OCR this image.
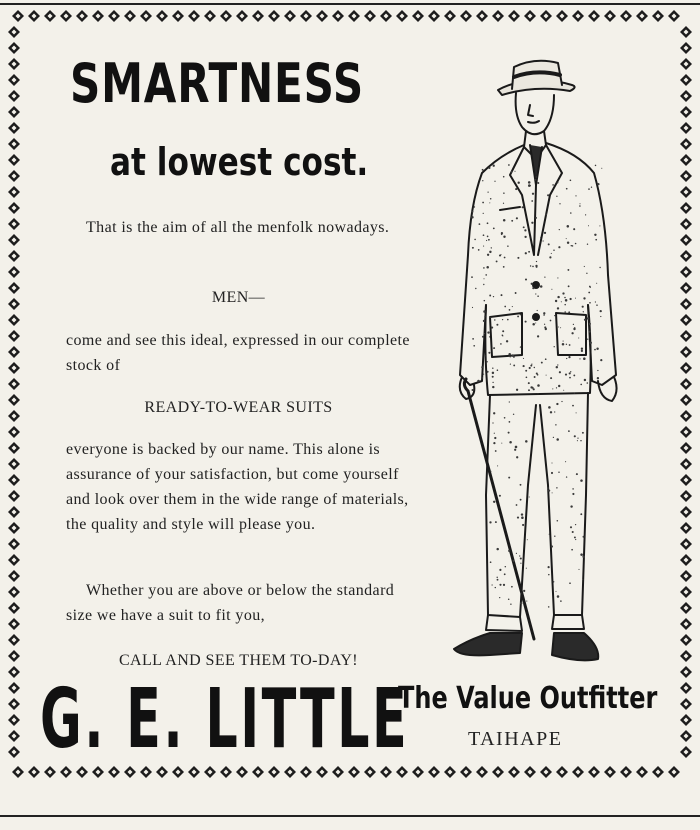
SMARTNESS
at lowest cost.
That is the aim of all the menfolk nowadays.
MEN—
come and see this ideal, expressed in our complete stock of
READY-TO-WEAR SUITS
everyone is backed by our name. This alone is assurance of your satisfaction, but come yourself and look over them in the wide range of materials, the quality and style will please you.
Whether you are above or below the standard size we have a suit to fit you,
CALL AND SEE THEM TO-DAY!
G. E. LITTLE
The Value Outfitter
TAIHAPE
